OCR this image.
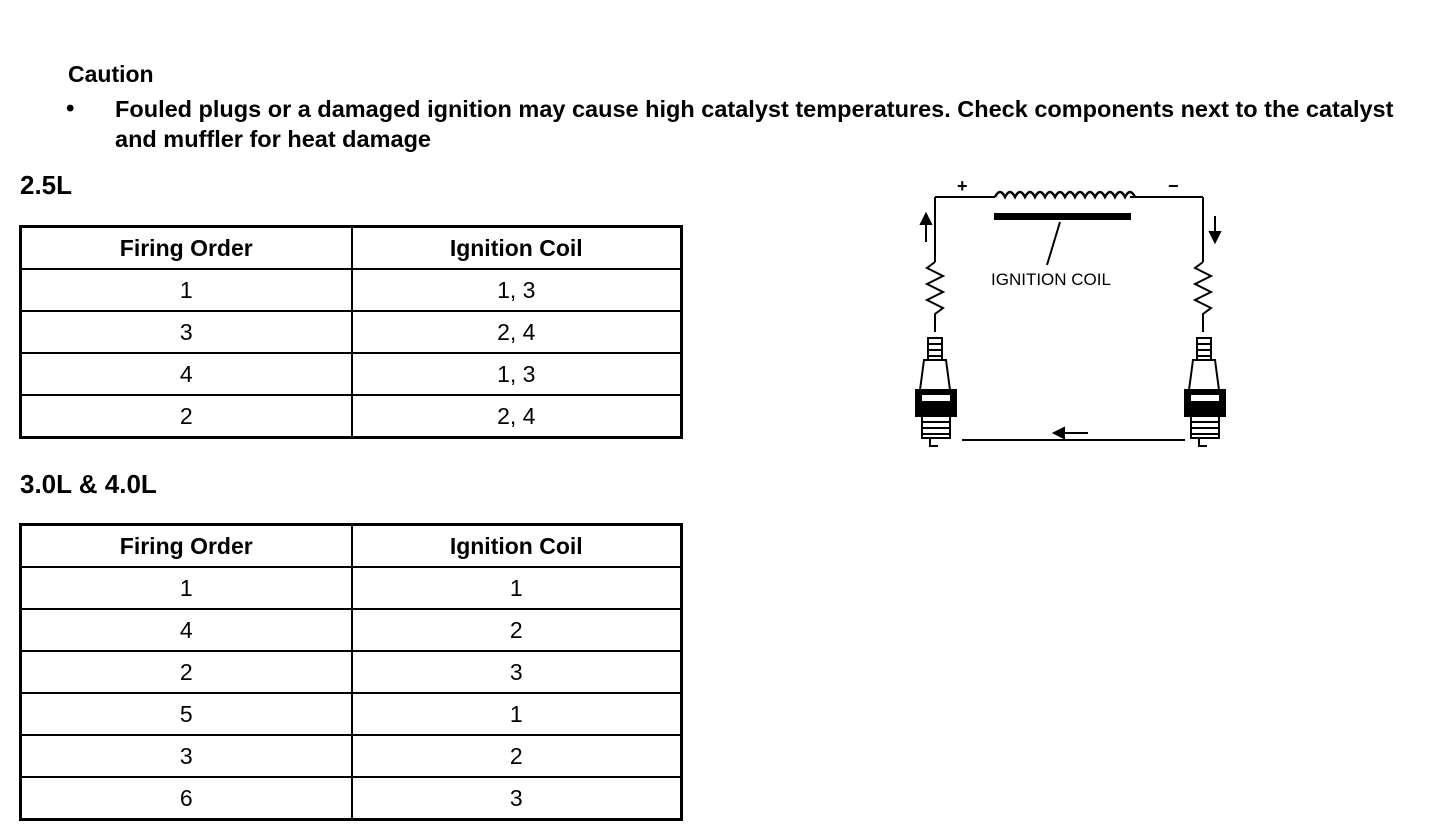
Caution
• Fouled plugs or a damaged ignition may cause high catalyst temperatures. Check components next to the catalyst and muffler for heat damage
2.5L
Firing Order	Ignition Coil
1	1, 3
3	2, 4
4	1, 3
2	2, 4
3.0L & 4.0L
Firing Order	Ignition Coil
1	1
4	2
2	3
5	1
3	2
6	3
+	−
IGNITION COIL
